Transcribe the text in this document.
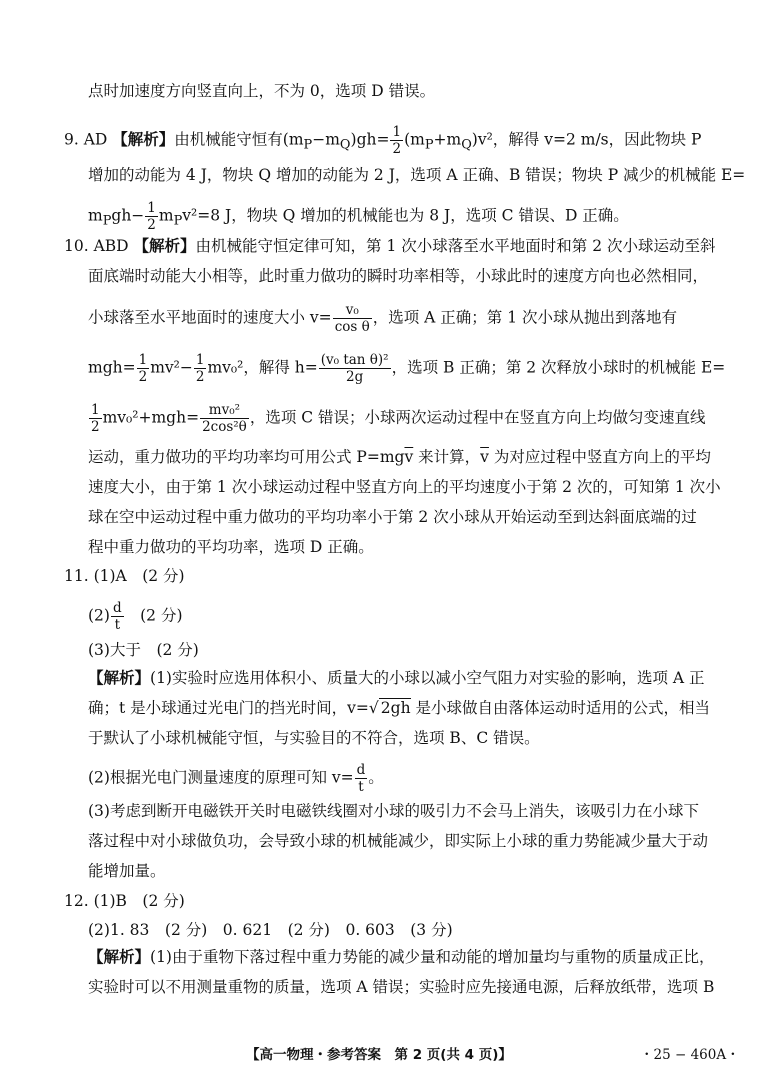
点时加速度方向竖直向上，不为 0，选项 D 错误。
9. AD 【解析】由机械能守恒有$(m_P-m_Q)gh= \frac{1}{2} (m_P+m_Q)v^2$，解得 v=2 m/s，因此物块 P
增加的动能为 4 J，物块 Q 增加的动能为 2 J，选项 A 正确、B 错误；物块 P 减少的机械能 E=
$m_Pgh- \frac{1}{2} m_Pv^2=8$ J，物块 Q 增加的机械能也为 8 J，选项 C 错误、D 正确。
10. ABD 【解析】由机械能守恒定律可知，第 1 次小球落至水平地面时和第 2 次小球运动至斜
面底端时动能大小相等，此时重力做功的瞬时功率相等，小球此时的速度方向也必然相同，
小球落至水平地面时的速度大小 $v= \frac{\text{v₀}}{\text{cos θ}}$ ，选项 A 正确；第 1 次小球从抛出到落地有
$mgh= \frac{1}{2} mv^2- \frac{1}{2} mv_0^2$，解得 $h= \frac{\text{(v₀ tan θ)²}}{2g}$ ，选项 B 正确；第 2 次释放小球时的机械能 E=
$\frac{1}{2} mv_0^2+mgh= \frac{\text{mv₀²}}{\text{2cos²θ}}$ ，选项 C 错误；小球两次运动过程中在竖直方向上均做匀变速直线
运动，重力做功的平均功率均可用公式 $P=mg\overline{v}$ 来计算，$\overline{v}$ 为对应过程中竖直方向上的平均
速度大小，由于第 1 次小球运动过程中竖直方向上的平均速度小于第 2 次的，可知第 1 次小
球在空中运动过程中重力做功的平均功率小于第 2 次小球从开始运动至到达斜面底端的过
程中重力做功的平均功率，选项 D 正确。
11. (1)A　(2 分)
$(2) \frac{d}{t}$ 　(2 分)
(3)大于　(2 分)
【解析】(1)实验时应选用体积小、质量大的小球以减小空气阻力对实验的影响，选项 A 正
确；t 是小球通过光电门的挡光时间，v=√ 2gh 是小球做自由落体运动时适用的公式，相当
于默认了小球机械能守恒，与实验目的不符合，选项 B、C 错误。
(2)根据光电门测量速度的原理可知 $v= \frac{d}{t}$ 。
(3)考虑到断开电磁铁开关时电磁铁线圈对小球的吸引力不会马上消失，该吸引力在小球下
落过程中对小球做负功，会导致小球的机械能减少，即实际上小球的重力势能减少量大于动
能增加量。
12. (1)B　(2 分)
(2)1. 83　(2 分)　0. 621　(2 分)　0. 603　(3 分)
【解析】(1)由于重物下落过程中重力势能的减少量和动能的增加量均与重物的质量成正比，
实验时可以不用测量重物的质量，选项 A 错误；实验时应先接通电源，后释放纸带，选项 B
【高一物理・参考答案　第 2 页(共 4 页)】	・25 − 460A・
